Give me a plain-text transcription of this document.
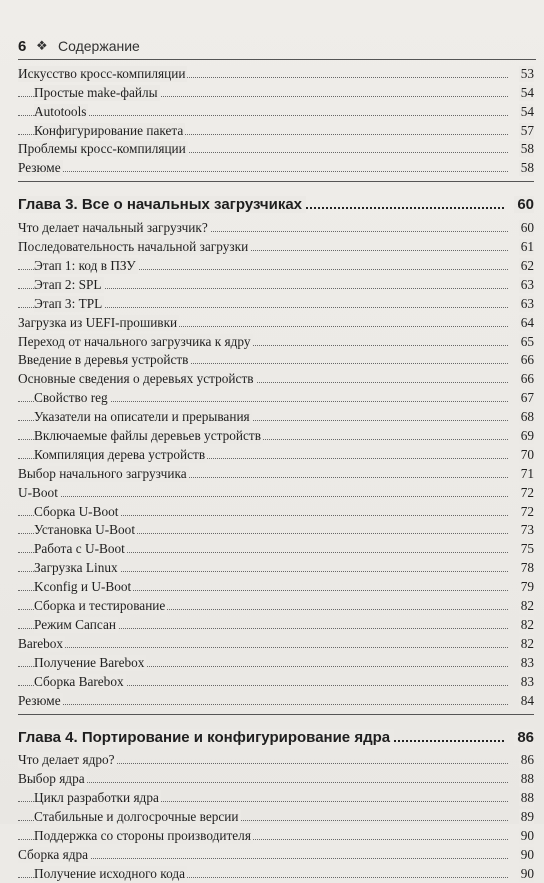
6 ❖ Содержание
Искусство кросс-компиляции	53
Простые make-файлы	54
Autotools	54
Конфигурирование пакета	57
Проблемы кросс-компиляции	58
Резюме	58
Глава 3. Все о начальных загрузчиках	60
Что делает начальный загрузчик?	60
Последовательность начальной загрузки	61
Этап 1: код в ПЗУ	62
Этап 2: SPL	63
Этап 3: TPL	63
Загрузка из UEFI-прошивки	64
Переход от начального загрузчика к ядру	65
Введение в деревья устройств	66
Основные сведения о деревьях устройств	66
Свойство reg	67
Указатели на описатели и прерывания	68
Включаемые файлы деревьев устройств	69
Компиляция дерева устройств	70
Выбор начального загрузчика	71
U-Boot	72
Сборка U-Boot	72
Установка U-Boot	73
Работа с U-Boot	75
Загрузка Linux	78
Kconfig и U-Boot	79
Сборка и тестирование	82
Режим Сапсан	82
Barebox	82
Получение Barebox	83
Сборка Barebox	83
Резюме	84
Глава 4. Портирование и конфигурирование ядра	86
Что делает ядро?	86
Выбор ядра	88
Цикл разработки ядра	88
Стабильные и долгосрочные версии	89
Поддержка со стороны производителя	90
Сборка ядра	90
Получение исходного кода	90
